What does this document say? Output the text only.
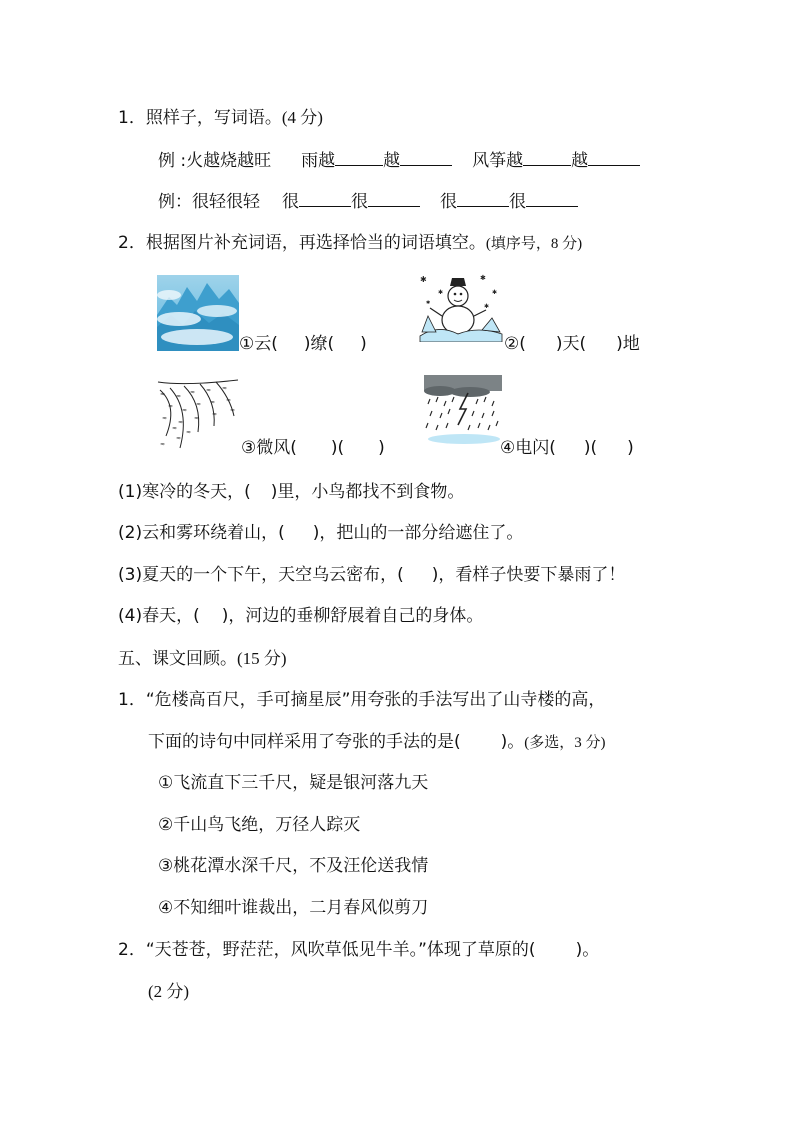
1．照样子，写词语。(4 分)
例 :火越烧越旺 雨越	越	风筝越	越
例：很轻很轻 很	很	很	很
2．根据图片补充词语，再选择恰当的词语填空。(填序号，8 分)
①云( )缭( )
✱	✱
✱
✱
✱
✱
②( )天( )地
≈
≈
≈
≈
≈
≈
≈
≈
≈
≈
≈
≈
≈
≈
≈
≈
≈
≈
≈
③微风( )( )	④电闪( )( )
(1)寒冷的冬天，( )里，小鸟都找不到食物。
(2)云和雾环绕着山，( )，把山的一部分给遮住了。
(3)夏天的一个下午，天空乌云密布，( )，看样子快要下暴雨了！
(4)春天，( )，河边的垂柳舒展着自己的身体。
五、课文回顾。(15 分)
1．“危楼高百尺，手可摘星辰”用夸张的手法写出了山寺楼的高，
下面的诗句中同样采用了夸张的手法的是( )。(多选，3 分)
①飞流直下三千尺，疑是银河落九天
②千山鸟飞绝，万径人踪灭
③桃花潭水深千尺，不及汪伦送我情
④不知细叶谁裁出，二月春风似剪刀
2．“天苍苍，野茫茫，风吹草低见牛羊。”体现了草原的( )。
(2 分)
